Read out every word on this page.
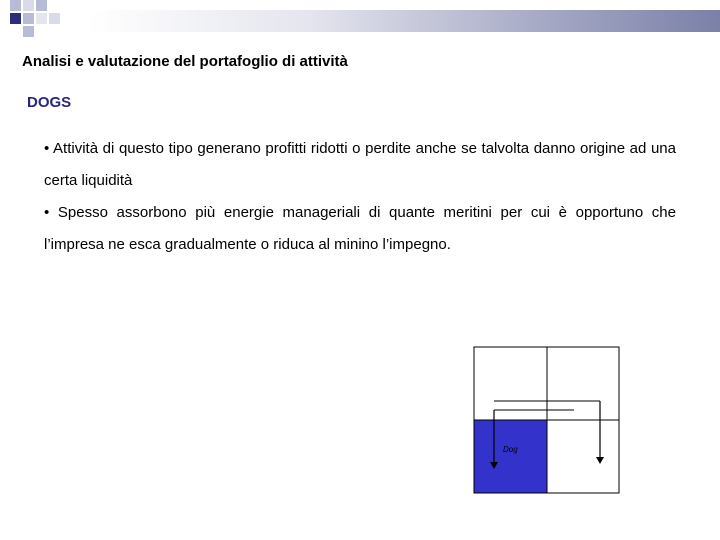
Analisi e valutazione del portafoglio di attività
DOGS
• Attività di questo tipo generano profitti ridotti o perdite anche se talvolta danno origine ad una certa liquidità
• Spesso assorbono più energie manageriali di quante meritini per cui è opportuno che l’impresa ne esca gradualmente o riduca al minino l’impegno.
Dog
